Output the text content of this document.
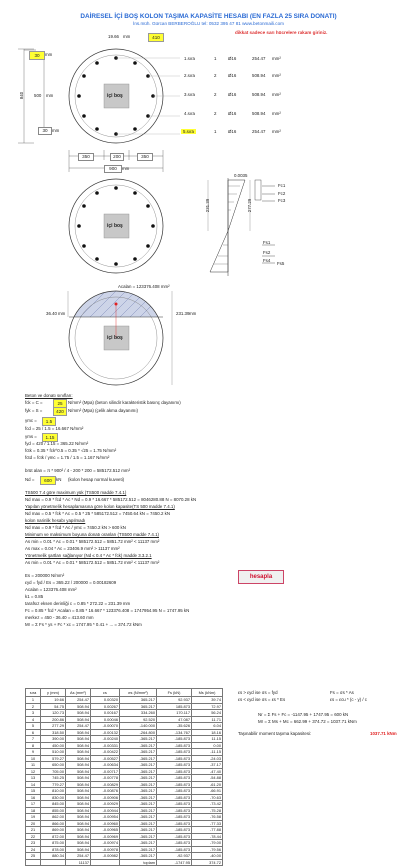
DAİRESEL İÇİ BOŞ KOLON TAŞIMA KAPASİTE HESABI (EN FAZLA 25 SIRA DONATI)
İns.müh. Gürcan BERBEROĞLU tel: 0532 395 47 81 www.betonmaili.com
dikkat sadece sarı hücrelere rakam giriniz.
30	mm
19.66 mm	410
840 500 mm	içi boş
30	mm
350	200	350
900	mm
1.sıra	1	Ø16	254.47 mm²
2.sıra	2	Ø16	508.94 mm²
3.sıra	2	Ø16	508.94 mm²
4.sıra	2	Ø16	508.94 mm²
5.sıra	1	Ø16	254.47 mm²
içi boş
0.0035
231.39	277.29
Fc1
Fc2
Fc3
Fs1
Fs2
Fs4
Fs5
Acalan = 123376.408 mm²
36.40 mm	231.39 mm
içi boş
Beton ve donatı sınıfları:
fck = C =	25	N/mm² (Mpa) (beton silindir karakteristik basınç dayanımı)
fyk = S =	420 N/mm² (Mpa) (çelik akma dayanımı)
γmc =	1.5
fcd = 25 / 1.5 = 16.667 N/mm²
γms =	1.15
fyd = 420 / 1.15 = 365.22 N/mm²
fctk = 0.35 * fck^0.5 = 0.35 * √25 = 1.75 N/mm²
fctd = fctk / γmc = 1.75 / 1.5 = 1.167 N/mm²
brüt alan = π * 900² / 4 - 200 * 200 = 585172.512 mm²
Nd =	600 kN (kolon hesap normal kuvveti)
TS500 7.4 göre maximum yük (TS500 madde 7.4.1)
Nd max = 0.9 * fcd * Ac * Nd = 0.9 * 16.667 * 585172.512 = 8046280.88 N = 8070.28 kN
Yapılan yönetmelik hesaplamasına göre kolon kapasite(TS 500 madde 7.4.1)
Nd max = 0.5 * fck * Ac = 0.5 * 25 * 585172.512 = 7450.64 kN = 7450.2 kN
kolon narinlik hesabı yapılmadı
Nd max = 0.9 * fcd * Ac / γmc = 7450.2 kN > 600 kN
Minimum ve maksimum boyuna donatı oranları (TS500 madde 7.4.1)
As min = 0.01 * Ac = 0.01 * 585172.512 = 5851.72 mm² < 11137 mm²
As max = 0.04 * Ac = 23406.9 mm² > 11137 mm²
Yönetmelik şartları sağlanıyor (Nd ≤ 0.4 * Ac * fck) madde 3.3.2.1
As min = 0.01 * Ac = 0.01 * 585172.512 = 5851.72 mm² < 11137 mm²
Es = 200000 N/mm²
εyd = fyd / Es = 365.22 / 200000 = 0.00182609
Acalan = 123376.408 mm²
k1 = 0.85
tarafsız eksen derinliği c = 0.85 * 272.22 = 231.39 mm
Fc = 0.85 * fcd * Acalan = 0.85 * 16.667 * 123376.408 = 1747954.95 N = 1747.95 kN
merkez = 450 - 36.40 = 413.60 mm
Mr = Σ Fs * ys + Fc * xc = 1747.95 * 0.41 + ... = 374.72 kNm
hesapla
εs > εyd ise σs = fyd
εs < εyd ise σs = εs * Es
Fs = σs * As
εs = εcu * (c - y) / c
Nr = Σ Fs + Fc = -1147.95 + 1747.95 = 600 kN
Mr = Σ Ms + Mc = 662.99 + 374.72 = 1037.71 kNm
Taşınabilir moment taşıma kapasitesi:	1037.71 kNm
sıra	y (mm)	As (mm²)	εs	σs (N/mm²)	Fs (kN)	Ms (kNm)
1	19.66	254.47	0.00320	365.217	92.937	39.74
2	54.75	508.94	0.00267	365.217	185.873	72.97
3	120.73	508.94	0.00167	334.260	170.117	56.24
4	200.86	508.94	0.00046	92.520	47.087	11.71
5	277.29	254.47	-0.00070	-140.000	-35.626	6.04
6	318.50	508.94	-0.00132	-264.800	-134.767	18.16
7	390.00	508.94	-0.00240	-365.217	-185.873	11.15
8	450.00	508.94	-0.00331	-365.217	-185.873	0.00
9	510.00	508.94	-0.00422	-365.217	-185.873	-11.15
10	579.27	508.94	-0.00527	-365.217	-185.873	-24.03
11	650.00	508.94	-0.00634	-365.217	-185.873	-37.17
12	705.00	508.94	-0.00717	-365.217	-185.873	-47.40
13	745.25	508.94	-0.00778	-365.217	-185.873	-54.88
14	779.27	508.94	-0.00829	-365.217	-185.873	-61.20
15	810.00	508.94	-0.00876	-365.217	-185.873	-66.91
16	830.00	508.94	-0.00906	-365.217	-185.873	-70.63
17	845.00	508.94	-0.00929	-365.217	-185.873	-73.42
18	855.00	508.94	-0.00944	-365.217	-185.873	-75.28
19	862.00	508.94	-0.00954	-365.217	-185.873	-76.58
20	866.00	508.94	-0.00960	-365.217	-185.873	-77.33
21	869.00	508.94	-0.00965	-365.217	-185.873	-77.88
22	872.00	508.94	-0.00969	-365.217	-185.873	-78.44
23	875.00	508.94	-0.00974	-365.217	-185.873	-79.00
24	878.00	508.94	-0.00978	-365.217	-185.873	-79.56
25	880.34	254.47	-0.00982	-365.217	-92.937	-40.00
		11137		toplam	-1747.95	374.72
